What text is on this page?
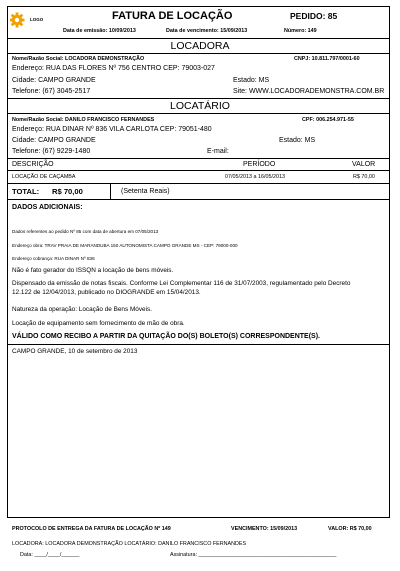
LOGO	FATURA DE LOCAÇÃO	PEDIDO: 85
Data de emissão: 10/09/2013	Data de vencimento: 15/09/2013	Número: 149
LOCADORA
Nome/Razão Social: LOCADORA DEMONSTRAÇÃO	CNPJ: 10.811.797/0001-60
Endereço: RUA DAS FLORES Nº 756 CENTRO CEP: 79003-027
Cidade: CAMPO GRANDE	Estado: MS
Telefone: (67) 3045-2517	Site: WWW.LOCADORADEMONSTRA.COM.BR
LOCATÁRIO
Nome/Razão Social: DANILO FRANCISCO FERNANDES	CPF: 006.254.971-55
Endereço: RUA DINAR Nº 836 VILA CARLOTA CEP: 79051-480
Cidade: CAMPO GRANDE	Estado: MS
Telefone: (67) 9229-1480	E-mail:
DESCRIÇÃO	PERÍODO	VALOR
LOCAÇÃO DE CAÇAMBA	07/05/2013 a 16/05/2013	R$ 70,00
TOTAL: R$ 70,00	(Setenta Reais)
DADOS ADICIONAIS:
Dados referentes ao pedido Nº 85 com data de abertura em 07/05/2013
Endereço obra: TRAV PRAIA DE MARANDUBA 150 AUTONOMISTA CAMPO GRANDE MS - CEP: 79000-000
Endereço cobrança: RUA DINAR Nº 836
Não é fato gerador do ISSQN a locação de bens móveis.
Dispensado da emissão de notas fiscais. Conforme Lei Complementar 116 de 31/07/2003, regulamentado pelo Decreto
12.122 de 12/04/2013, publicado no DIOGRANDE em 15/04/2013.
Natureza da operação: Locação de Bens Móveis.
Locação de equipamento sem fornecimento de mão de obra.
VÁLIDO COMO RECIBO A PARTIR DA QUITAÇÃO DO(S) BOLETO(S) CORRESPONDENTE(S).
CAMPO GRANDE, 10 de setembro de 2013
PROTOCOLO DE ENTREGA DA FATURA DE LOCAÇÃO Nº 149	VENCIMENTO: 15/09/2013	VALOR: R$ 70,00
LOCADORA: LOCADORA DEMONSTRAÇÃO LOCATÁRIO: DANILO FRANCISCO FERNANDES
Data: ____/____/______	Assinatura: ______________________________________________
